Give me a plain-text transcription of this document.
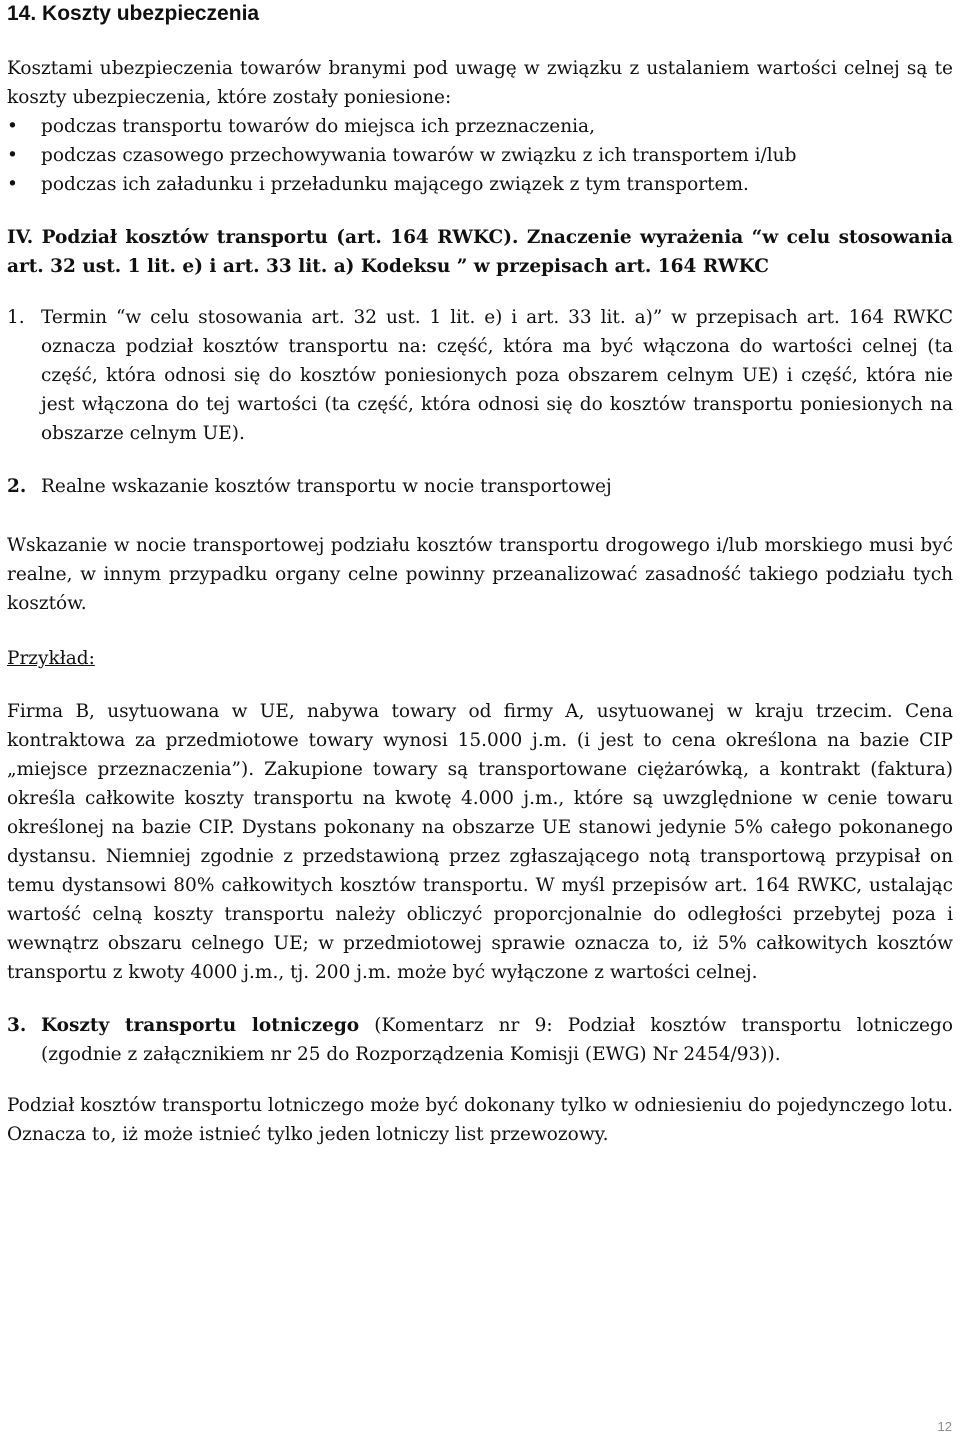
14. Koszty ubezpieczenia

Kosztami ubezpieczenia towarów branymi pod uwagę w związku z ustalaniem wartości celnej są te koszty ubezpieczenia, które zostały poniesione:

• podczas transportu towarów do miejsca ich przeznaczenia,
• podczas czasowego przechowywania towarów w związku z ich transportem i/lub
• podczas ich załadunku i przeładunku mającego związek z tym transportem.

IV. Podział kosztów transportu (art. 164 RWKC). Znaczenie wyrażenia “w celu stosowania art. 32 ust. 1 lit. e) i art. 33 lit. a) Kodeksu ” w przepisach art. 164 RWKC

1. Termin “w celu stosowania art. 32 ust. 1 lit. e) i art. 33 lit. a)” w przepisach art. 164 RWKC oznacza podział kosztów transportu na: część, która ma być włączona do wartości celnej (ta część, która odnosi się do kosztów poniesionych poza obszarem celnym UE) i część, która nie jest włączona do tej wartości (ta część, która odnosi się do kosztów transportu poniesionych na obszarze celnym UE).
2. Realne wskazanie kosztów transportu w nocie transportowej

Wskazanie w nocie transportowej podziału kosztów transportu drogowego i/lub morskiego musi być realne, w innym przypadku organy celne powinny przeanalizować zasadność takiego podziału tych kosztów.

Przykład:

Firma B, usytuowana w UE, nabywa towary od firmy A, usytuowanej w kraju trzecim. Cena kontraktowa za przedmiotowe towary wynosi 15.000 j.m. (i jest to cena określona na bazie CIP „miejsce przeznaczenia”). Zakupione towary są transportowane ciężarówką, a kontrakt (faktura) określa całkowite koszty transportu na kwotę 4.000 j.m., które są uwzględnione w cenie towaru określonej na bazie CIP. Dystans pokonany na obszarze UE stanowi jedynie 5% całego pokonanego dystansu. Niemniej zgodnie z przedstawioną przez zgłaszającego notą transportową przypisał on temu dystansowi 80% całkowitych kosztów transportu. W myśl przepisów art. 164 RWKC, ustalając wartość celną koszty transportu należy obliczyć proporcjonalnie do odległości przebytej poza i wewnątrz obszaru celnego UE; w przedmiotowej sprawie oznacza to, iż 5% całkowitych kosztów transportu z kwoty 4000 j.m., tj. 200 j.m. może być wyłączone z wartości celnej.

3. Koszty transportu lotniczego (Komentarz nr 9: Podział kosztów transportu lotniczego (zgodnie z załącznikiem nr 25 do Rozporządzenia Komisji (EWG) Nr 2454/93)).

Podział kosztów transportu lotniczego może być dokonany tylko w odniesieniu do pojedynczego lotu. Oznacza to, iż może istnieć tylko jeden lotniczy list przewozowy.

12
